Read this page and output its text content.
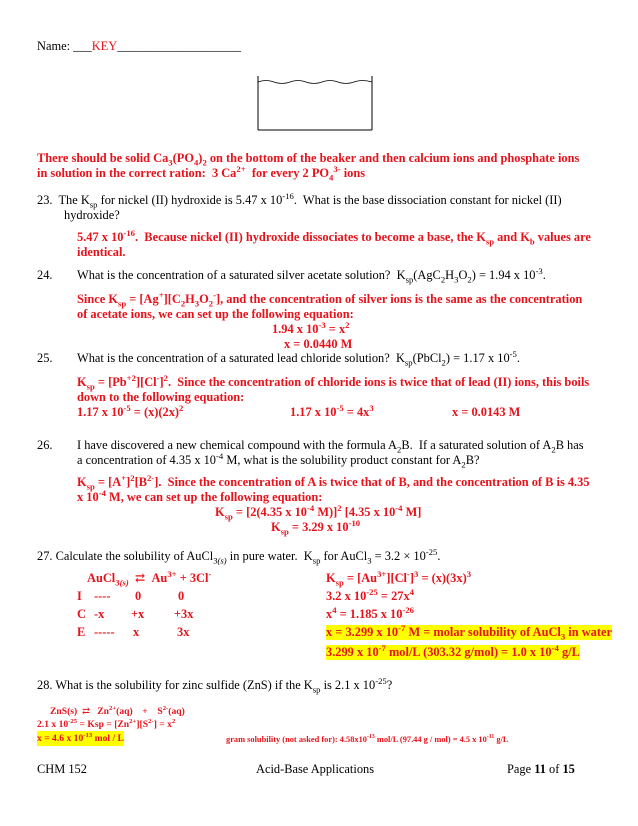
Name: ___KEY____________________
There should be solid $Ca_3(PO_4)_2$ on the bottom of the beaker and then calcium ions and phosphate ions
in solution in the correct ration:  3 $Ca^{2+}$  for every 2 $PO_4^{3-}$ ions
23.  The $K_{sp}$ for nickel (II) hydroxide is 5.47 x $10^{-16}$.  What is the base dissociation constant for nickel (II)
hydroxide?
5.47 x $10^{-16}$.  Because nickel (II) hydroxide dissociates to become a base, the $K_{sp}$ and $K_b$ values are
identical.
24. What is the concentration of a saturated silver acetate solution?  $K_{sp}(AgC_2H_3O_2) = 1.94$ x $10^{-3}$.
Since $K_{sp} = [Ag^+][C_2H_3O_2^-]$, and the concentration of silver ions is the same as the concentration
of acetate ions, we can set up the following equation:
1.94 x $10^{-3} = x^2$
x = 0.0440 M
25. What is the concentration of a saturated lead chloride solution?  $K_{sp}(PbCl_2) = 1.17$ x $10^{-5}$.
$K_{sp} = [Pb^{+2}][Cl^-]^2$.  Since the concentration of chloride ions is twice that of lead (II) ions, this boils
down to the following equation:
1.17 x $10^{-5} = (x)(2x)^2$	1.17 x $10^{-5} = 4x^3$	x = 0.0143 M
26. I have discovered a new chemical compound with the formula $A_2B$.  If a saturated solution of $A_2B$ has
a concentration of 4.35 x $10^{-4}$ M, what is the solubility product constant for $A_2B$?
$K_{sp} = [A^+]^2[B^{2-}]$.  Since the concentration of A is twice that of B, and the concentration of B is 4.35
x $10^{-4}$ M, we can set up the following equation:
$K_{sp} = [2(4.35$ x $10^{-4}$ M)]$^2$ [4.35 x $10^{-4}$ M]
$K_{sp} = 3.29$ x $10^{-10}$
27. Calculate the solubility of AuCl$_{3(s)}$ in pure water.  $K_{sp}$ for AuCl$_3$ = $3.2 \times 10^{-25}$.
AuCl$_{3(s)}$  ⇄  $Au^{3+} + 3Cl^-$
I ---- 0	0
C -x +x +3x
E ----- x	3x
$K_{sp} = [Au^{3+}][Cl^-]^3 = (x)(3x)^3$
3.2 x $10^{-25} = 27x^4$
$x^4 = 1.185$ x $10^{-26}$
x = 3.299 x $10^{-7}$ M = molar solubility of AuCl$_3$ in water
3.299 x $10^{-7}$ mol/L (303.32 g/mol) = 1.0 x $10^{-4}$ g/L
28. What is the solubility for zinc sulfide (ZnS) if the $K_{sp}$ is 2.1 x $10^{-25}$?
ZnS(s)  ⇄   $Zn^{2+}(aq)$    +    $S^{2-}(aq)$
2.1 x $10^{-25}$ = Ksp = $[Zn^{2+}][S^{2-}] = x^2$
x = 4.6 x $10^{-13}$ mol / L	gram solubility (not asked for): $4.58x10^{-13}$ mol/L (97.44 g / mol) = 4.5 x $10^{-11}$ g/L
CHM 152	Acid-Base Applications	Page 11 of 15
